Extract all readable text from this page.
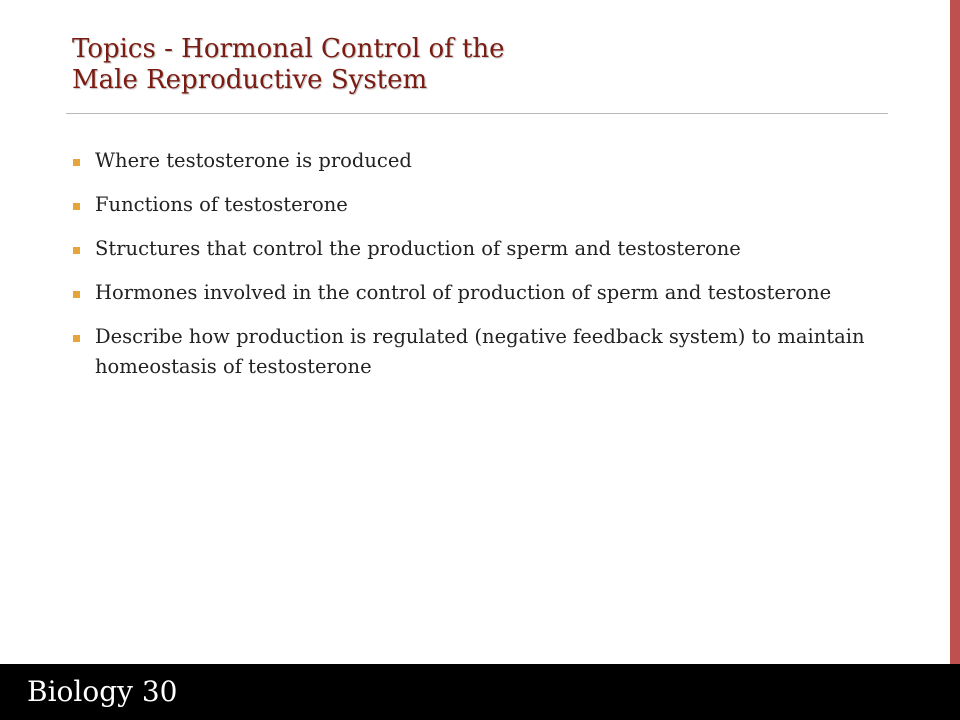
Topics - Hormonal Control of the
Male Reproductive System
Where testosterone is produced
Functions of testosterone
Structures that control the production of sperm and testosterone
Hormones involved in the control of production of sperm and testosterone
Describe how production is regulated (negative feedback system) to maintain homeostasis of testosterone
Biology 30
